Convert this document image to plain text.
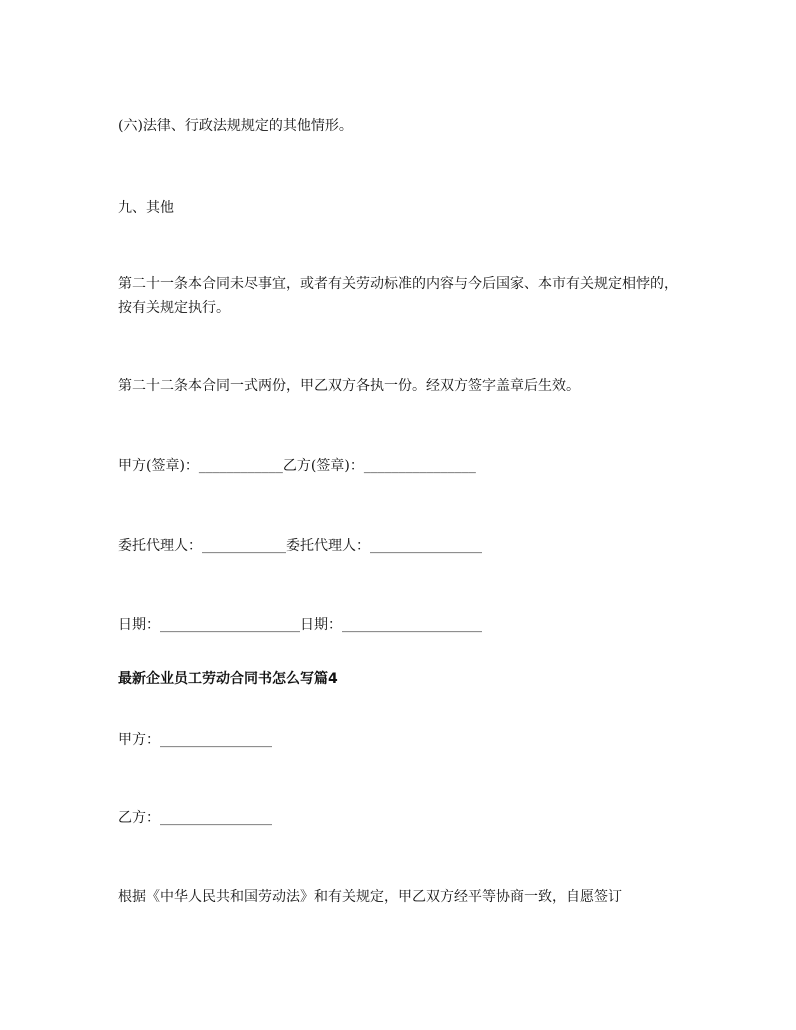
(六)法律、行政法规规定的其他情形。

九、其他

第二十一条本合同未尽事宜，或者有关劳动标准的内容与今后国家、本市有关规定相悖的，按有关规定执行。

第二十二条本合同一式两份，甲乙双方各执一份。经双方签字盖章后生效。

甲方(签章)：____________乙方(签章)：________________

委托代理人：____________委托代理人：________________

日期：____________________日期：____________________

最新企业员工劳动合同书怎么写篇4

甲方：________________

乙方：________________

根据《中华人民共和国劳动法》和有关规定，甲乙双方经平等协商一致，自愿签订
